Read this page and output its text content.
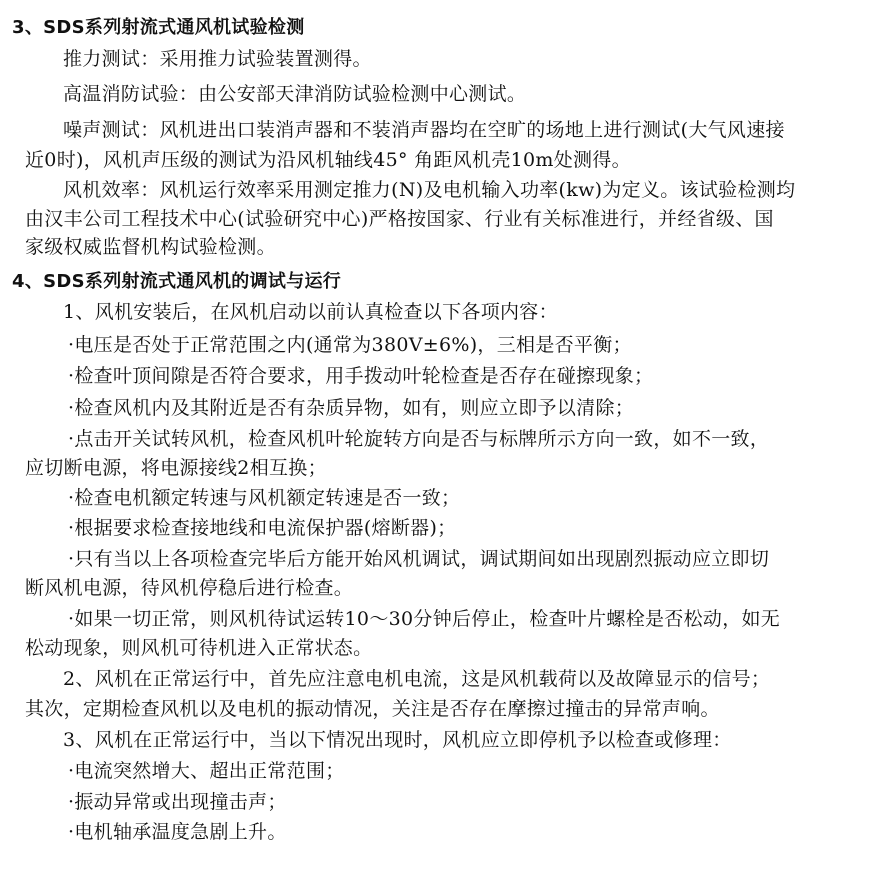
3、SDS系列射流式通风机试验检测
推力测试：采用推力试验装置测得。
高温消防试验：由公安部天津消防试验检测中心测试。
噪声测试：风机进出口装消声器和不装消声器均在空旷的场地上进行测试(大气风速接
近0时)，风机声压级的测试为沿风机轴线45° 角距风机壳10m处测得。
风机效率：风机运行效率采用测定推力(N)及电机输入功率(kw)为定义。该试验检测均
由汉丰公司工程技术中心(试验研究中心)严格按国家、行业有关标准进行，并经省级、国
家级权威监督机构试验检测。
4、SDS系列射流式通风机的调试与运行
1、风机安装后，在风机启动以前认真检查以下各项内容：
·电压是否处于正常范围之内(通常为380V±6%)，三相是否平衡；
·检查叶顶间隙是否符合要求，用手拨动叶轮检查是否存在碰擦现象；
·检查风机内及其附近是否有杂质异物，如有，则应立即予以清除；
·点击开关试转风机，检查风机叶轮旋转方向是否与标牌所示方向一致，如不一致，
应切断电源，将电源接线2相互换；
·检查电机额定转速与风机额定转速是否一致；
·根据要求检查接地线和电流保护器(熔断器)；
·只有当以上各项检查完毕后方能开始风机调试，调试期间如出现剧烈振动应立即切
断风机电源，待风机停稳后进行检查。
·如果一切正常，则风机待试运转10～30分钟后停止，检查叶片螺栓是否松动，如无
松动现象，则风机可待机进入正常状态。
2、风机在正常运行中，首先应注意电机电流，这是风机载荷以及故障显示的信号；
其次，定期检查风机以及电机的振动情况，关注是否存在摩擦过撞击的异常声响。
3、风机在正常运行中，当以下情况出现时，风机应立即停机予以检查或修理：
·电流突然增大、超出正常范围；
·振动异常或出现撞击声；
·电机轴承温度急剧上升。
